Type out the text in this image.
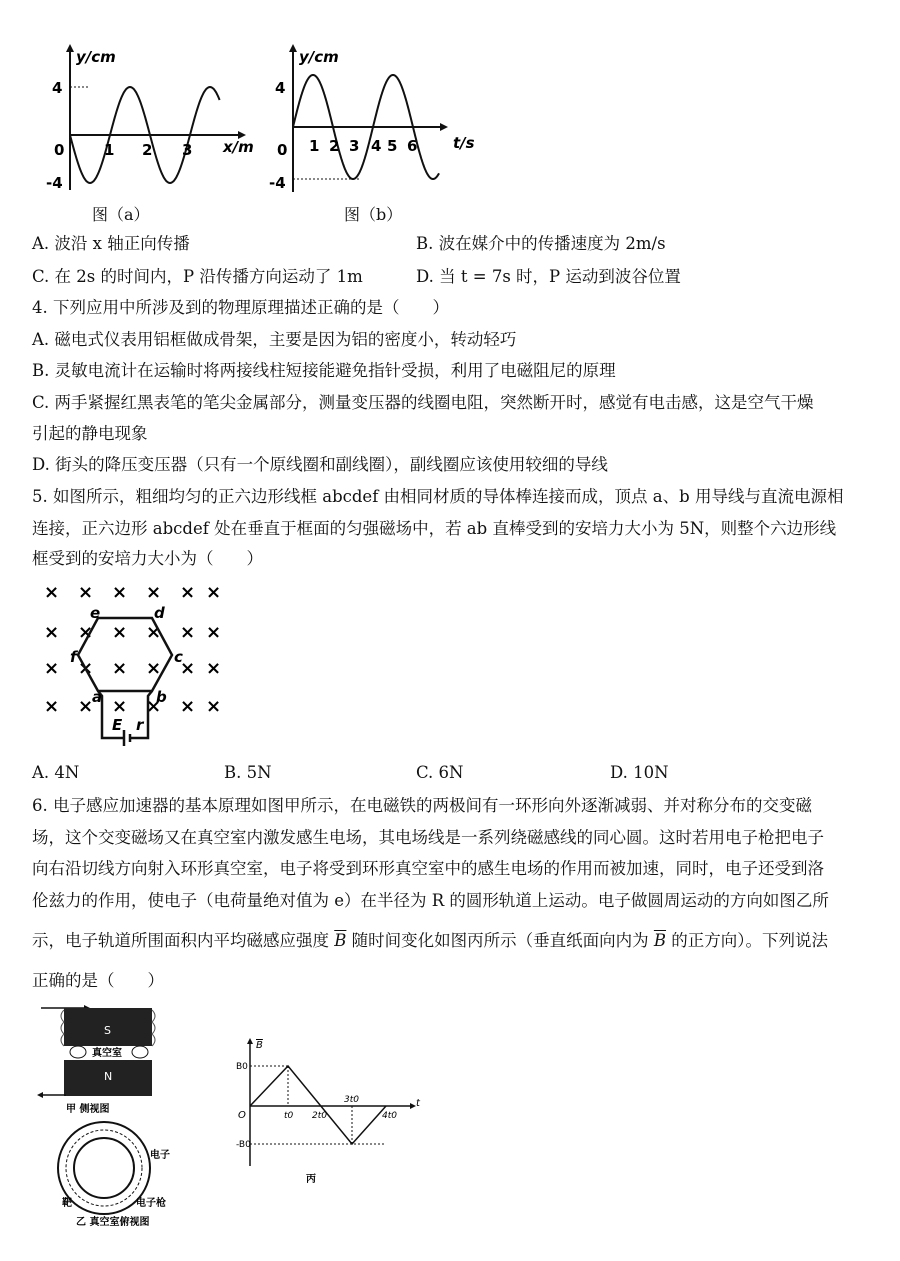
y/cm
x/m
4
0
-4
1 2 3
图（a）
y/cm
t/s
4
0
-4
1 2 3 4 5 6
图（b）
A. 波沿 x 轴正向传播	B. 波在媒介中的传播速度为 2m/s
C. 在 2s 的时间内，P 沿传播方向运动了 1m	D. 当 t = 7s 时，P 运动到波谷位置
4. 下列应用中所涉及到的物理原理描述正确的是（　　）
A. 磁电式仪表用铝框做成骨架，主要是因为铝的密度小，转动轻巧
B. 灵敏电流计在运输时将两接线柱短接能避免指针受损，利用了电磁阻尼的原理
C. 两手紧握红黑表笔的笔尖金属部分，测量变压器的线圈电阻，突然断开时，感觉有电击感，这是空气干燥
引起的静电现象
D. 街头的降压变压器（只有一个原线圈和副线圈），副线圈应该使用较细的导线
5. 如图所示，粗细均匀的正六边形线框 abcdef 由相同材质的导体棒连接而成，顶点 a、b 用导线与直流电源相
连接，正六边形 abcdef 处在垂直于框面的匀强磁场中，若 ab 直棒受到的安培力大小为 5N，则整个六边形线
框受到的安培力大小为（　　）
× × × × × ×
× × × × × ×
× × × × × ×
× × × × × ×
e	d
f	c
a	b
E r
A. 4N	B. 5N	C. 6N	D. 10N
6. 电子感应加速器的基本原理如图甲所示，在电磁铁的两极间有一环形向外逐渐减弱、并对称分布的交变磁
场，这个交变磁场又在真空室内激发感生电场，其电场线是一系列绕磁感线的同心圆。这时若用电子枪把电子
向右沿切线方向射入环形真空室，电子将受到环形真空室中的感生电场的作用而被加速，同时，电子还受到洛
伦兹力的作用，使电子（电荷量绝对值为 e）在半径为 R 的圆形轨道上运动。电子做圆周运动的方向如图乙所
示，电子轨道所围面积内平均磁感应强度 $\overline{B}$ 随时间变化如图丙所示（垂直纸面向内为 $\overline{B}$ 的正方向）。下列说法
正确的是（　　）
S
真空室
N
甲 侧视图
电子
靶	电子枪
乙 真空室俯视图
B
t
B0
-B0
O	t0 2t0
3t0
4t0
丙
